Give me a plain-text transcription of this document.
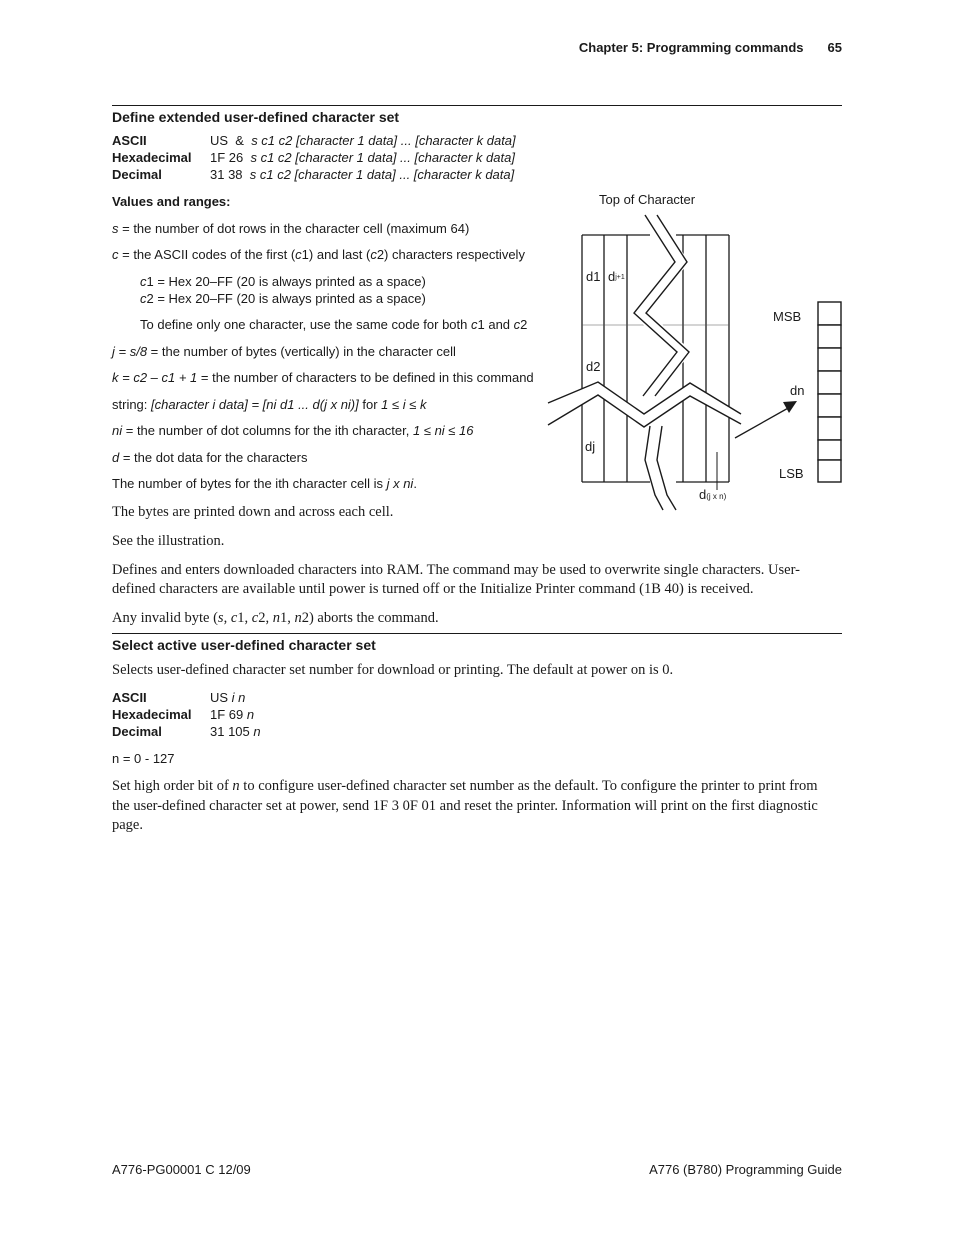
Chapter 5: Programming commands 65
Define extended user-defined character set
ASCII	US  &  s c1 c2 [character 1 data] ... [character k data]
Hexadecimal 1F 26  s c1 c2 [character 1 data] ... [character k data]
Decimal	31 38  s c1 c2 [character 1 data] ... [character k data]
Values and ranges:
s = the number of dot rows in the character cell (maximum 64)
c = the ASCII codes of the first (c1) and last (c2) characters respectively
c1 = Hex 20–FF (20 is always printed as a space)
c2 = Hex 20–FF (20 is always printed as a space)
To define only one character, use the same code for both c1 and c2
j = s/8 = the number of bytes (vertically) in the character cell
k = c2 – c1 + 1 = the number of characters to be defined in this command
string: [character i data] = [ni d1 ... d(j x ni)] for 1 ≤ i ≤ k
ni = the number of dot columns for the ith character, 1 ≤ ni ≤ 16
d = the dot data for the characters
The number of bytes for the ith character cell is j x ni.
The bytes are printed down and across each cell.
See the illustration.
Defines and enters downloaded characters into RAM. The command may be used to overwrite single characters. User-
defined characters are available until power is turned off or the Initialize Printer command (1B 40) is received.
Any invalid byte (s, c1, c2, n1, n2) aborts the command.
Top of Character
d1 dj+1
d2
dj
d(j x n)
MSB
dn
LSB
Select active user-defined character set
Selects user-defined character set number for download or printing. The default at power on is 0.
ASCII	US i n
Hexadecimal 1F 69 n
Decimal	31 105 n
n = 0 - 127
Set high order bit of n to configure user-defined character set number as the default. To configure the printer to print from
the user-defined character set at power, send 1F 3 0F 01 and reset the printer. Information will print on the first diagnostic
page.
A776-PG00001 C 12/09	A776 (B780) Programming Guide
